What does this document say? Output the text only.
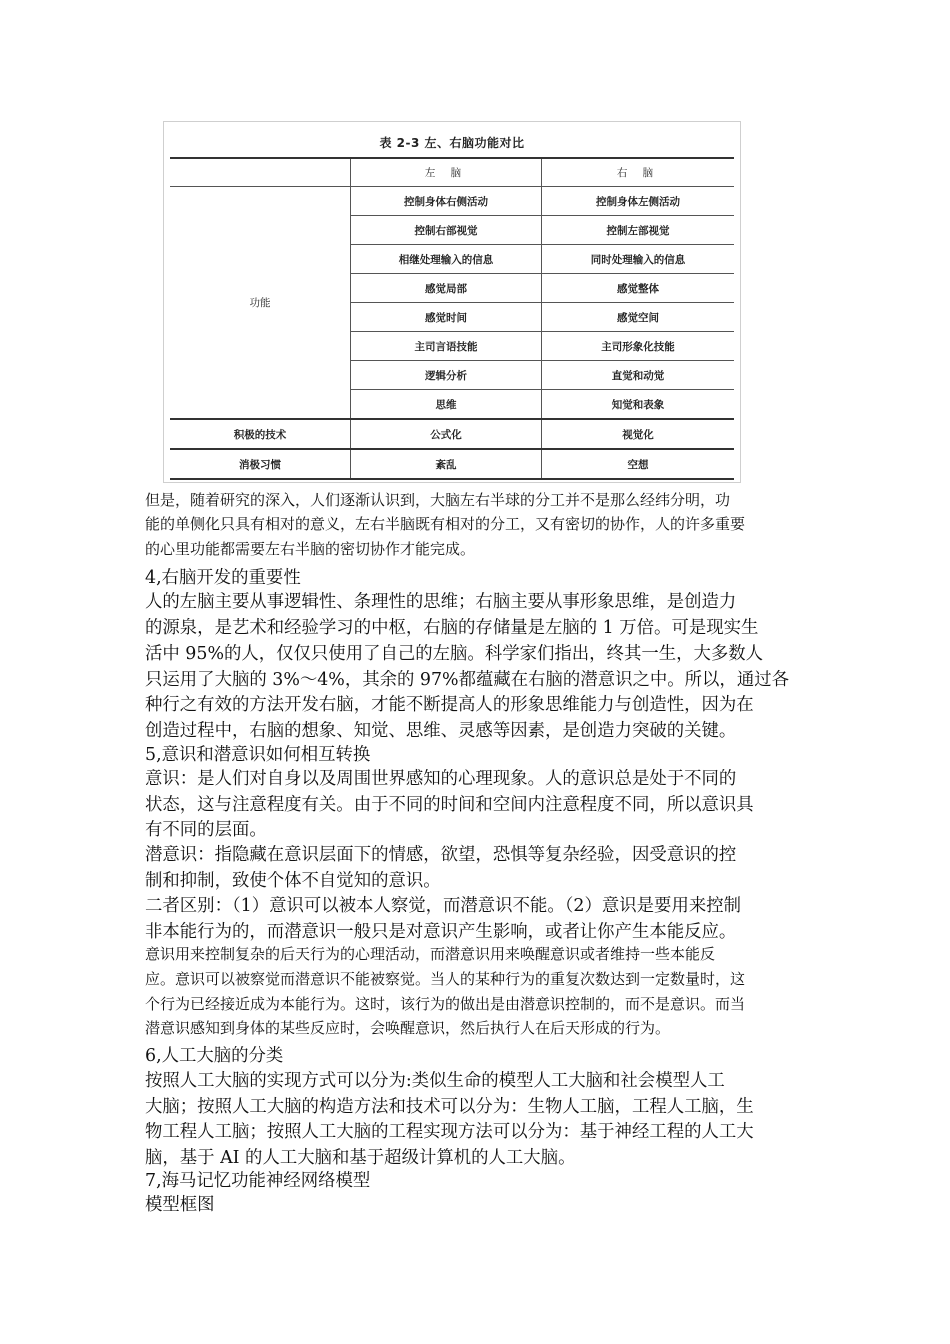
表 2-3 左、右脑功能对比
	左 脑	右 脑
功能	控制身体右侧活动	控制身体左侧活动
	控制右部视觉	控制左部视觉
	相继处理输入的信息	同时处理输入的信息
	感觉局部	感觉整体
	感觉时间	感觉空间
	主司言语技能	主司形象化技能
	逻辑分析	直觉和动觉
	思维	知觉和表象
积极的技术	公式化	视觉化
消极习惯	紊乱	空想
但是，随着研究的深入，人们逐渐认识到，大脑左右半球的分工并不是那么经纬分明，功
能的单侧化只具有相对的意义，左右半脑既有相对的分工，又有密切的协作，人的许多重要
的心里功能都需要左右半脑的密切协作才能完成。
4,右脑开发的重要性
人的左脑主要从事逻辑性、条理性的思维；右脑主要从事形象思维，是创造力
的源泉，是艺术和经验学习的中枢，右脑的存储量是左脑的 1 万倍。可是现实生
活中 95%的人，仅仅只使用了自己的左脑。科学家们指出，终其一生，大多数人
只运用了大脑的 3%～4%，其余的 97%都蕴藏在右脑的潜意识之中。所以，通过各
种行之有效的方法开发右脑，才能不断提高人的形象思维能力与创造性，因为在
创造过程中，右脑的想象、知觉、思维、灵感等因素，是创造力突破的关键。
5,意识和潜意识如何相互转换
意识：是人们对自身以及周围世界感知的心理现象。人的意识总是处于不同的
状态，这与注意程度有关。由于不同的时间和空间内注意程度不同，所以意识具
有不同的层面。
潜意识：指隐藏在意识层面下的情感，欲望，恐惧等复杂经验，因受意识的控
制和抑制，致使个体不自觉知的意识。
二者区别：（1）意识可以被本人察觉，而潜意识不能。（2）意识是要用来控制
非本能行为的，而潜意识一般只是对意识产生影响，或者让你产生本能反应。
意识用来控制复杂的后天行为的心理活动，而潜意识用来唤醒意识或者维持一些本能反
应。意识可以被察觉而潜意识不能被察觉。当人的某种行为的重复次数达到一定数量时，这
个行为已经接近成为本能行为。这时，该行为的做出是由潜意识控制的，而不是意识。而当
潜意识感知到身体的某些反应时，会唤醒意识，然后执行人在后天形成的行为。
6,人工大脑的分类
按照人工大脑的实现方式可以分为:类似生命的模型人工大脑和社会模型人工
大脑；按照人工大脑的构造方法和技术可以分为：生物人工脑，工程人工脑，生
物工程人工脑；按照人工大脑的工程实现方法可以分为：基于神经工程的人工大
脑，基于 AI 的人工大脑和基于超级计算机的人工大脑。
7,海马记忆功能神经网络模型
模型框图
